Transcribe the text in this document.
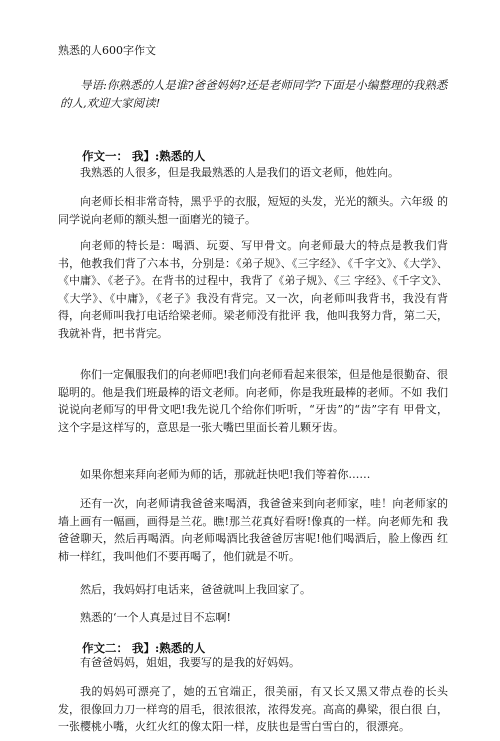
熟悉的人600字作文
导语:你熟悉的人是谁?爸爸妈妈?还是老师同学?下面是小编整理的我熟悉 的人,欢迎大家阅读!
作文一： 我】:熟悉的人
我熟悉的人很多，但是我最熟悉的人是我们的语文老师，他姓向。
向老师长相非常奇特，黑乎乎的衣服，短短的头发，光光的额头。六年级 的同学说向老师的额头想一面磨光的镜子。
向老师的特长是：喝酒、玩耍、写甲骨文。向老师最大的特点是教我们背 书，他教我们背了六本书，分别是：《弟子规》、《三字经》、《千字文》、《大学》、《中庸》、《老子》。在背书的过程中，我背了《弟子规》、《三 字经》、《千字文》、《大学》、《中庸》，《老子》我没有背完。又一次，向老师叫我背书，我没有背得，向老师叫我打电话给梁老师。梁老师没有批评 我，他叫我努力背，第二天，我就补背，把书背完。
你们一定佩服我们的向老师吧!我们向老师看起来很笨，但是他是很勤奋、很聪明的。他是我们班最棒的语文老师。向老师，你是我班最棒的老师。不如 我们说说向老师写的甲骨文吧!我先说几个给你们听听，“牙齿”的“齿”字有 甲骨文，这个字是这样写的，意思是一张大嘴巴里面长着儿颗牙齿。
如果你想来拜向老师为师的话，那就赶快吧!我们等着你……
还有一次，向老师请我爸爸来喝酒，我爸爸来到向老师家，哇！向老师家的墙上画有一幅画，画得是兰花。瞧!那兰花真好看呀!像真的一样。向老师先和 我爸爸聊天，然后再喝酒。向老师喝酒比我爸爸厉害呢!他们喝酒后，脸上像西 红柿一样红，我叫他们不要再喝了，他们就是不听。
然后，我妈妈打电话来，爸爸就叫上我回家了。
熟悉的‘一个人真是过目不忘啊!
作文二： 我】:熟悉的人
有爸爸妈妈，姐姐，我要写的是我的好妈妈。
我的妈妈可漂亮了，她的五官端正，很美丽，有又长又黑又带点卷的长头 发，很像回力刀一样弯的眉毛，很浓很浓，浓得发亮。高高的鼻梁，很白很 白，一张樱桃小嘴，火红火红的像太阳一样，皮肤也是雪白雪白的，很漂亮。
